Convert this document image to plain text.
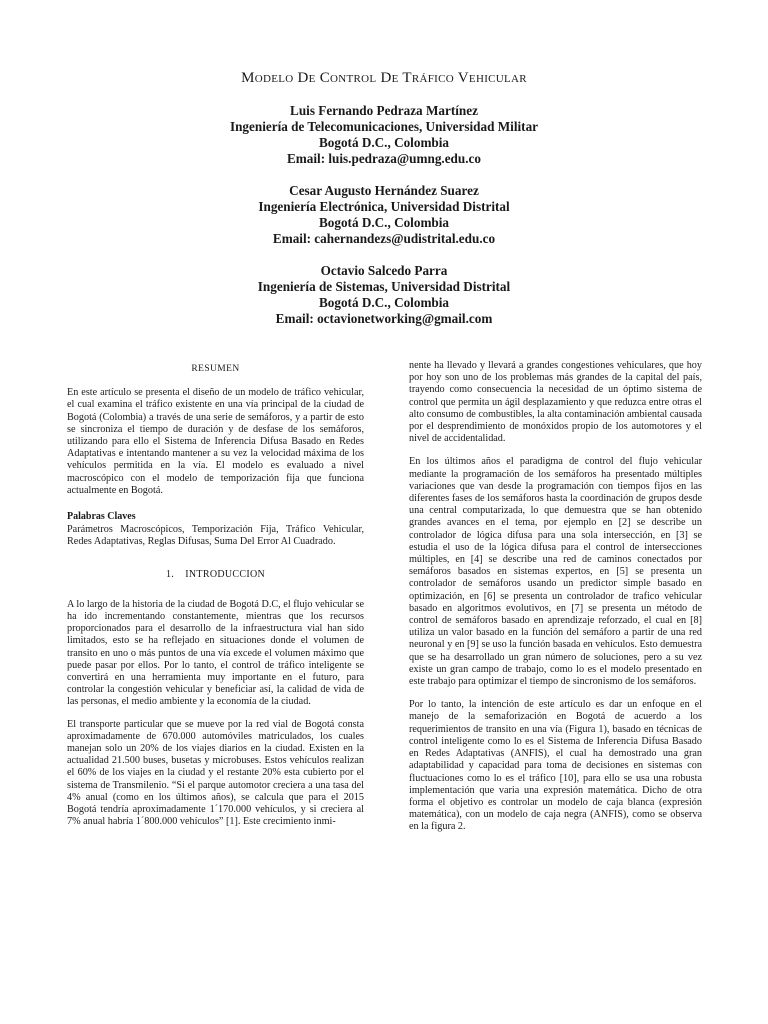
Modelo De Control De Tráfico Vehicular
Luis Fernando Pedraza Martínez
Ingeniería de Telecomunicaciones, Universidad Militar
Bogotá D.C., Colombia
Email: luis.pedraza@umng.edu.co
Cesar Augusto Hernández Suarez
Ingeniería Electrónica, Universidad Distrital
Bogotá D.C., Colombia
Email: cahernandezs@udistrital.edu.co
Octavio Salcedo Parra
Ingeniería de Sistemas, Universidad Distrital
Bogotá D.C., Colombia
Email: octavionetworking@gmail.com
RESUMEN

En este artículo se presenta el diseño de un modelo de tráfico vehicular, el cual examina el tráfico existente en una vía principal de la ciudad de Bogotá (Colombia) a través de una serie de semáforos, y a partir de esto se sincroniza el tiempo de duración y de desfase de los semáforos, utilizando para ello el Sistema de Inferencia Difusa Basado en Redes Adaptativas e intentando mantener a su vez la velocidad máxima de los vehículos permitida en la vía. El modelo es evaluado a nivel macroscópico con el modelo de temporización fija que funciona actualmente en Bogotá.

Palabras Claves
Parámetros Macroscópicos, Temporización Fija, Tráfico Vehicular, Redes Adaptativas, Reglas Difusas, Suma Del Error Al Cuadrado.
1.    INTRODUCCION

A lo largo de la historia de la ciudad de Bogotá D.C, el flujo vehicular se ha ido incrementando constantemente, mientras que los recursos proporcionados para el desarrollo de la infraestructura vial han sido limitados, esto se ha reflejado en situaciones donde el volumen de transito en uno o más puntos de una vía excede el volumen máximo que puede pasar por ellos. Por lo tanto, el control de tráfico inteligente se convertirá en una herramienta muy importante en el futuro, para controlar la congestión vehicular y beneficiar así, la calidad de vida de las personas, el medio ambiente y la economía de la ciudad.

El transporte particular que se mueve por la red vial de Bogotá consta aproximadamente de 670.000 automóviles matriculados, los cuales manejan solo un 20% de los viajes diarios en la ciudad. Existen en la actualidad 21.500 buses, busetas y microbuses. Estos vehículos realizan el 60% de los viajes en la ciudad y el restante 20% esta cubierto por el sistema de Transmilenio. “Si el parque automotor creciera a una tasa del 4% anual (como en los últimos años), se calcula que para el 2015 Bogotá tendría aproximadamente 1´170.000 vehículos, y si creciera al 7% anual habría 1´800.000 vehículos” [1]. Este crecimiento inmi-

nente ha llevado y llevará a grandes congestiones vehiculares, que hoy por hoy son uno de los problemas más grandes de la capital del país, trayendo como consecuencia la necesidad de un óptimo sistema de control que permita un ágil desplazamiento y que reduzca entre otras el alto consumo de combustibles, la alta contaminación ambiental causada por el desprendimiento de monóxidos propio de los automotores y el nivel de accidentalidad.

En los últimos años el paradigma de control del flujo vehicular mediante la programación de los semáforos ha presentado múltiples variaciones que van desde la programación con tiempos fijos en las diferentes fases de los semáforos hasta la coordinación de grupos desde una central computarizada, lo que demuestra que se han obtenido grandes avances en el tema, por ejemplo en [2] se describe un controlador de lógica difusa para una sola intersección, en [3] se estudia el uso de la lógica difusa para el control de intersecciones múltiples, en [4] se describe una red de caminos conectados por semáforos basados en sistemas expertos, en [5] se presenta un controlador de semáforos usando un predictor simple basado en optimización, en [6] se presenta un controlador de trafico vehicular basado en algoritmos evolutivos, en [7] se presenta un método de control de semáforos basado en aprendizaje reforzado, el cual en [8] utiliza un valor basado en la función del semáforo a partir de una red neuronal y en [9] se uso la función basada en vehículos. Esto demuestra que se ha desarrollado un gran número de soluciones, pero a su vez existe un gran campo de trabajo, como lo es el modelo presentado en este trabajo para optimizar el tiempo de sincronismo de los semáforos.

Por lo tanto, la intención de este artículo es dar un enfoque en el manejo de la semaforización en Bogotá de acuerdo a los requerimientos de transito en una vía (Figura 1), basado en técnicas de control inteligente como lo es el Sistema de Inferencia Difusa Basado en Redes Adaptativas (ANFIS), el cual ha demostrado una gran adaptabilidad y capacidad para toma de decisiones en sistemas con fluctuaciones como lo es el tráfico [10], para ello se usa una robusta implementación que varia una expresión matemática. Dicho de otra forma el objetivo es controlar un modelo de caja blanca (expresión matemática), con un modelo de caja negra (ANFIS), como se observa en la figura 2.
